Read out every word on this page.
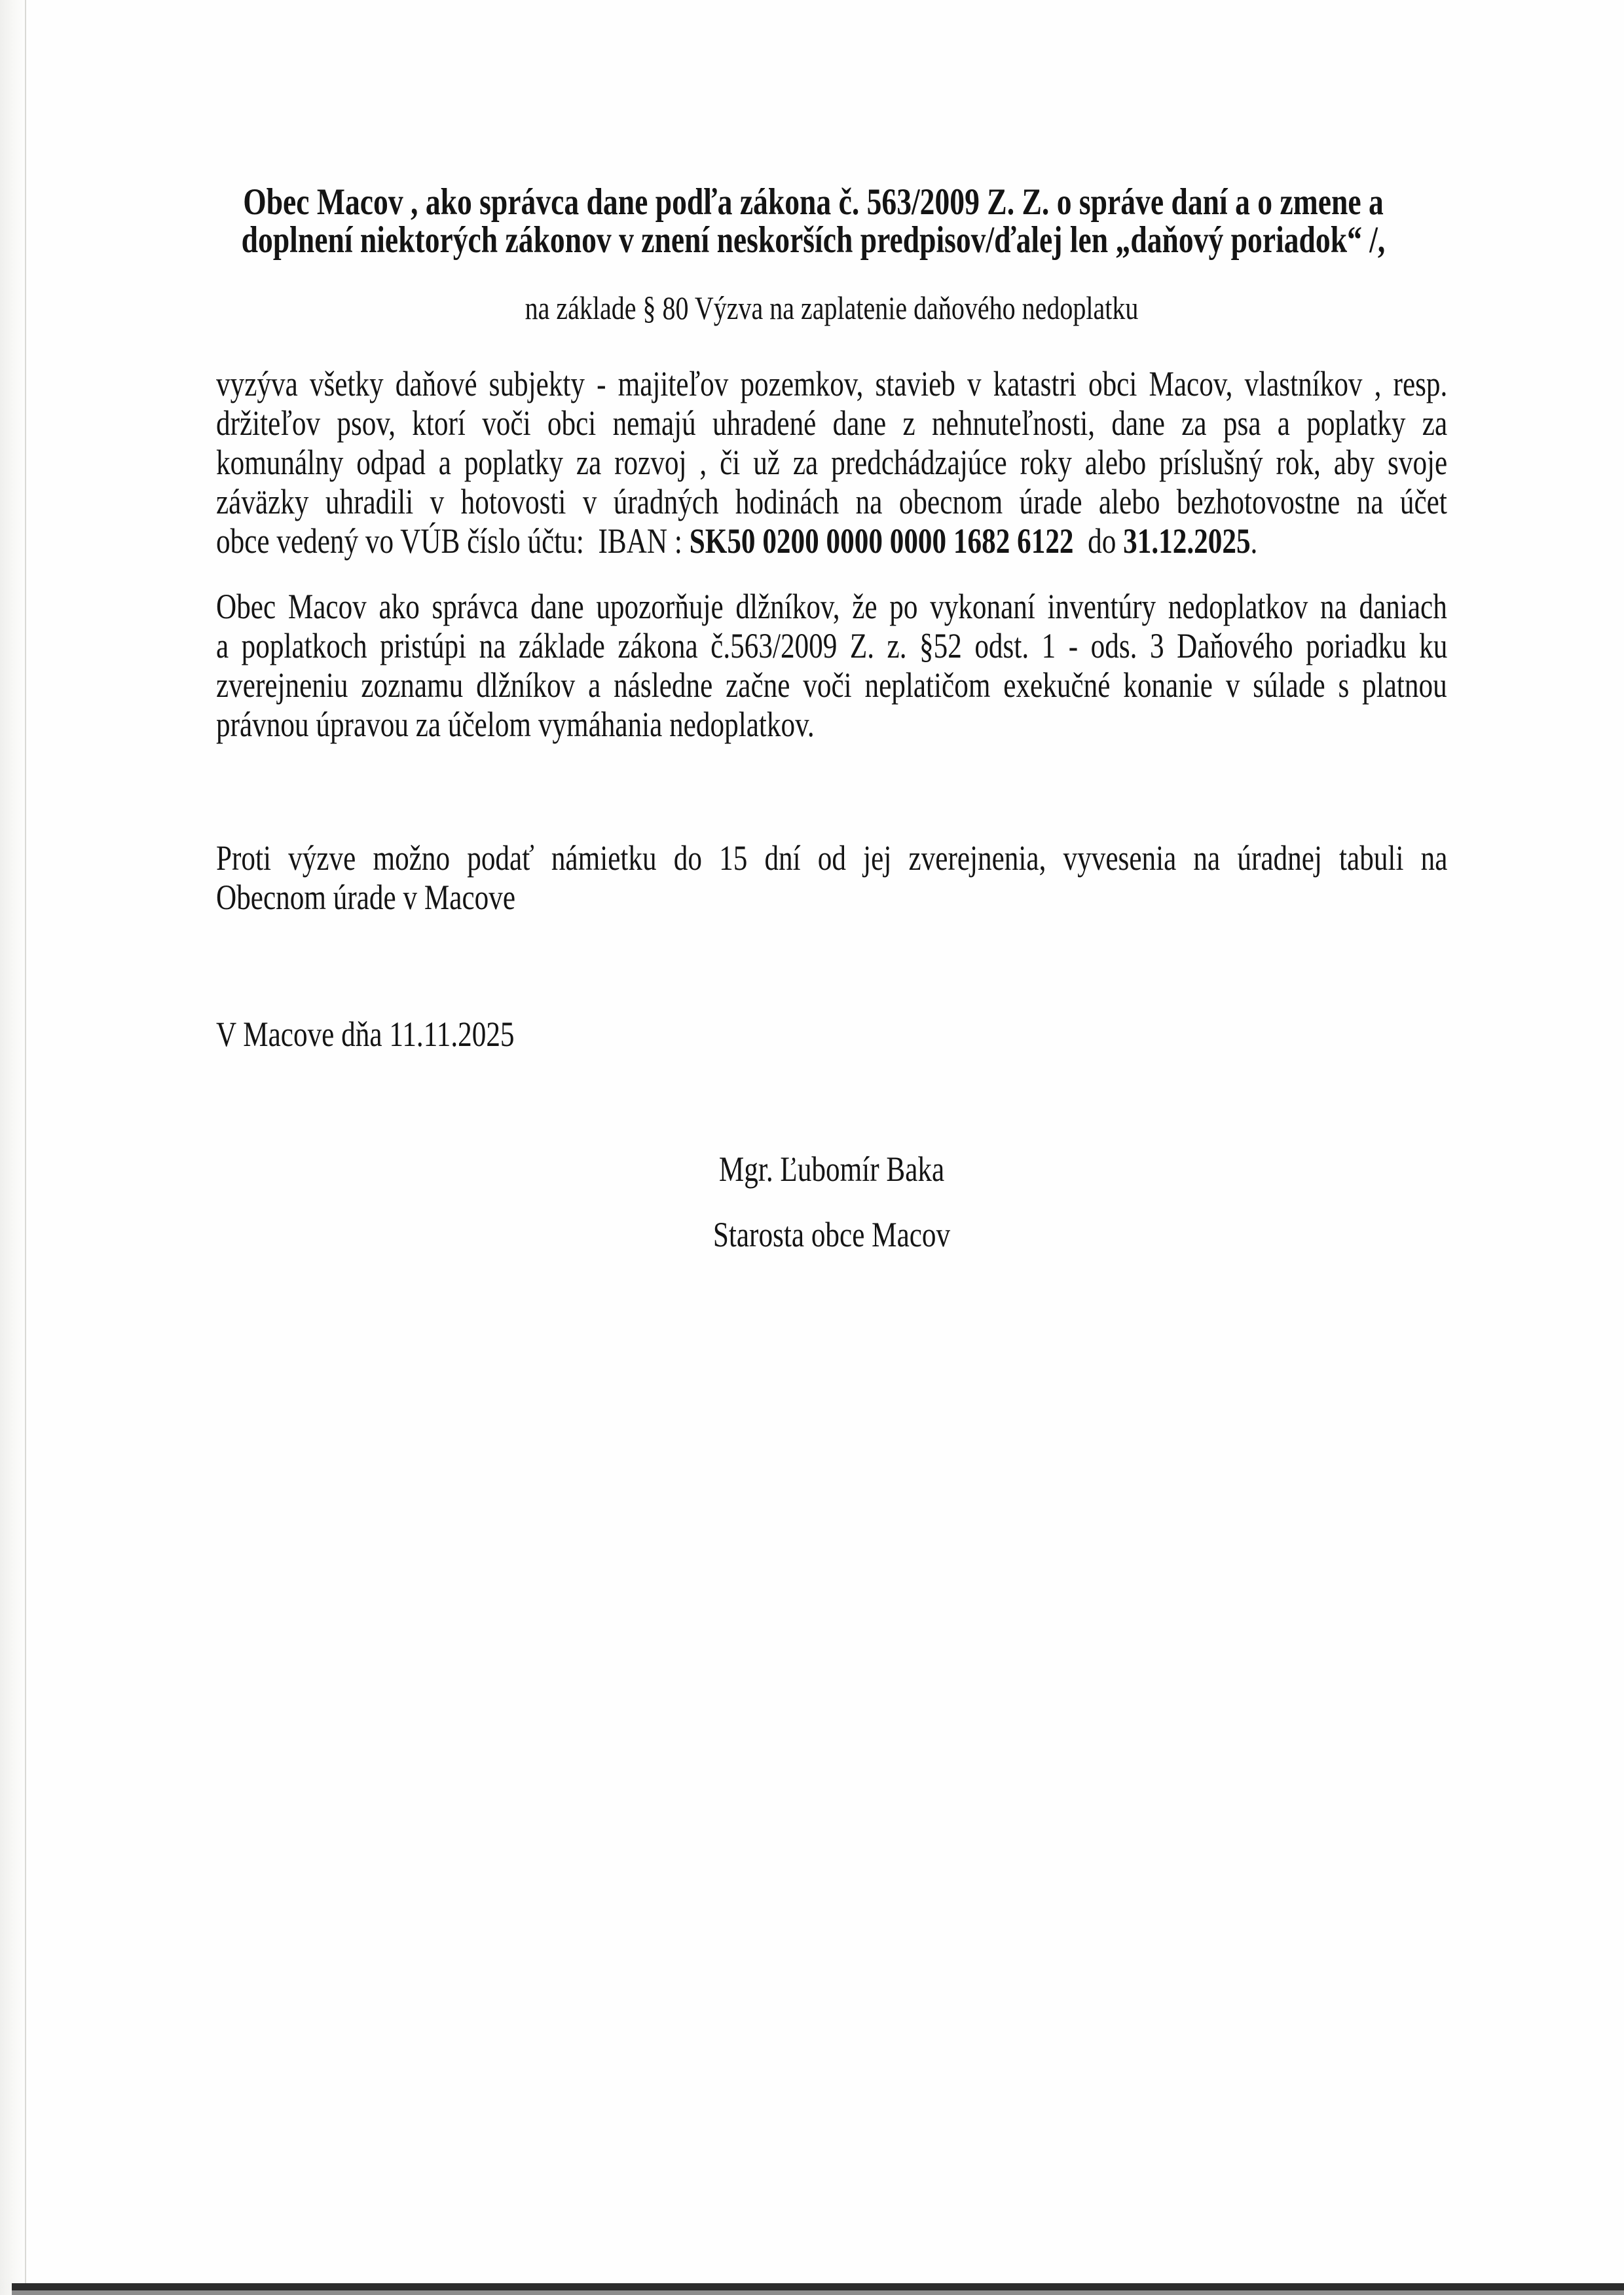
Obec Macov , ako správca dane podľa zákona č. 563/2009 Z. Z. o správe daní a o zmene a
doplnení niektorých zákonov v znení neskorších predpisov/ďalej len „daňový poriadok“ /,
na základe § 80 Výzva na zaplatenie daňového nedoplatku
vyzýva všetky daňové subjekty - majiteľov pozemkov, stavieb v katastri obci Macov, vlastníkov , resp.
držiteľov psov, ktorí voči obci nemajú uhradené dane z nehnuteľnosti, dane za psa a poplatky za
komunálny odpad a poplatky za rozvoj , či už za predchádzajúce roky alebo príslušný rok, aby svoje
záväzky uhradili v hotovosti v úradných hodinách na obecnom úrade alebo bezhotovostne na účet
obce vedený vo VÚB číslo účtu:  IBAN : SK50 0200 0000 0000 1682 6122  do 31.12.2025.
Obec Macov ako správca dane upozorňuje dlžníkov, že po vykonaní inventúry nedoplatkov na daniach
a poplatkoch pristúpi na základe zákona č.563/2009 Z. z. §52 odst. 1 - ods. 3 Daňového poriadku ku
zverejneniu zoznamu dlžníkov a následne začne voči neplatičom exekučné konanie v súlade s platnou
právnou úpravou za účelom vymáhania nedoplatkov.
Proti výzve možno podať námietku do 15 dní od jej zverejnenia, vyvesenia na úradnej tabuli na
Obecnom úrade v Macove
V Macove dňa 11.11.2025
Mgr. Ľubomír Baka
Starosta obce Macov
